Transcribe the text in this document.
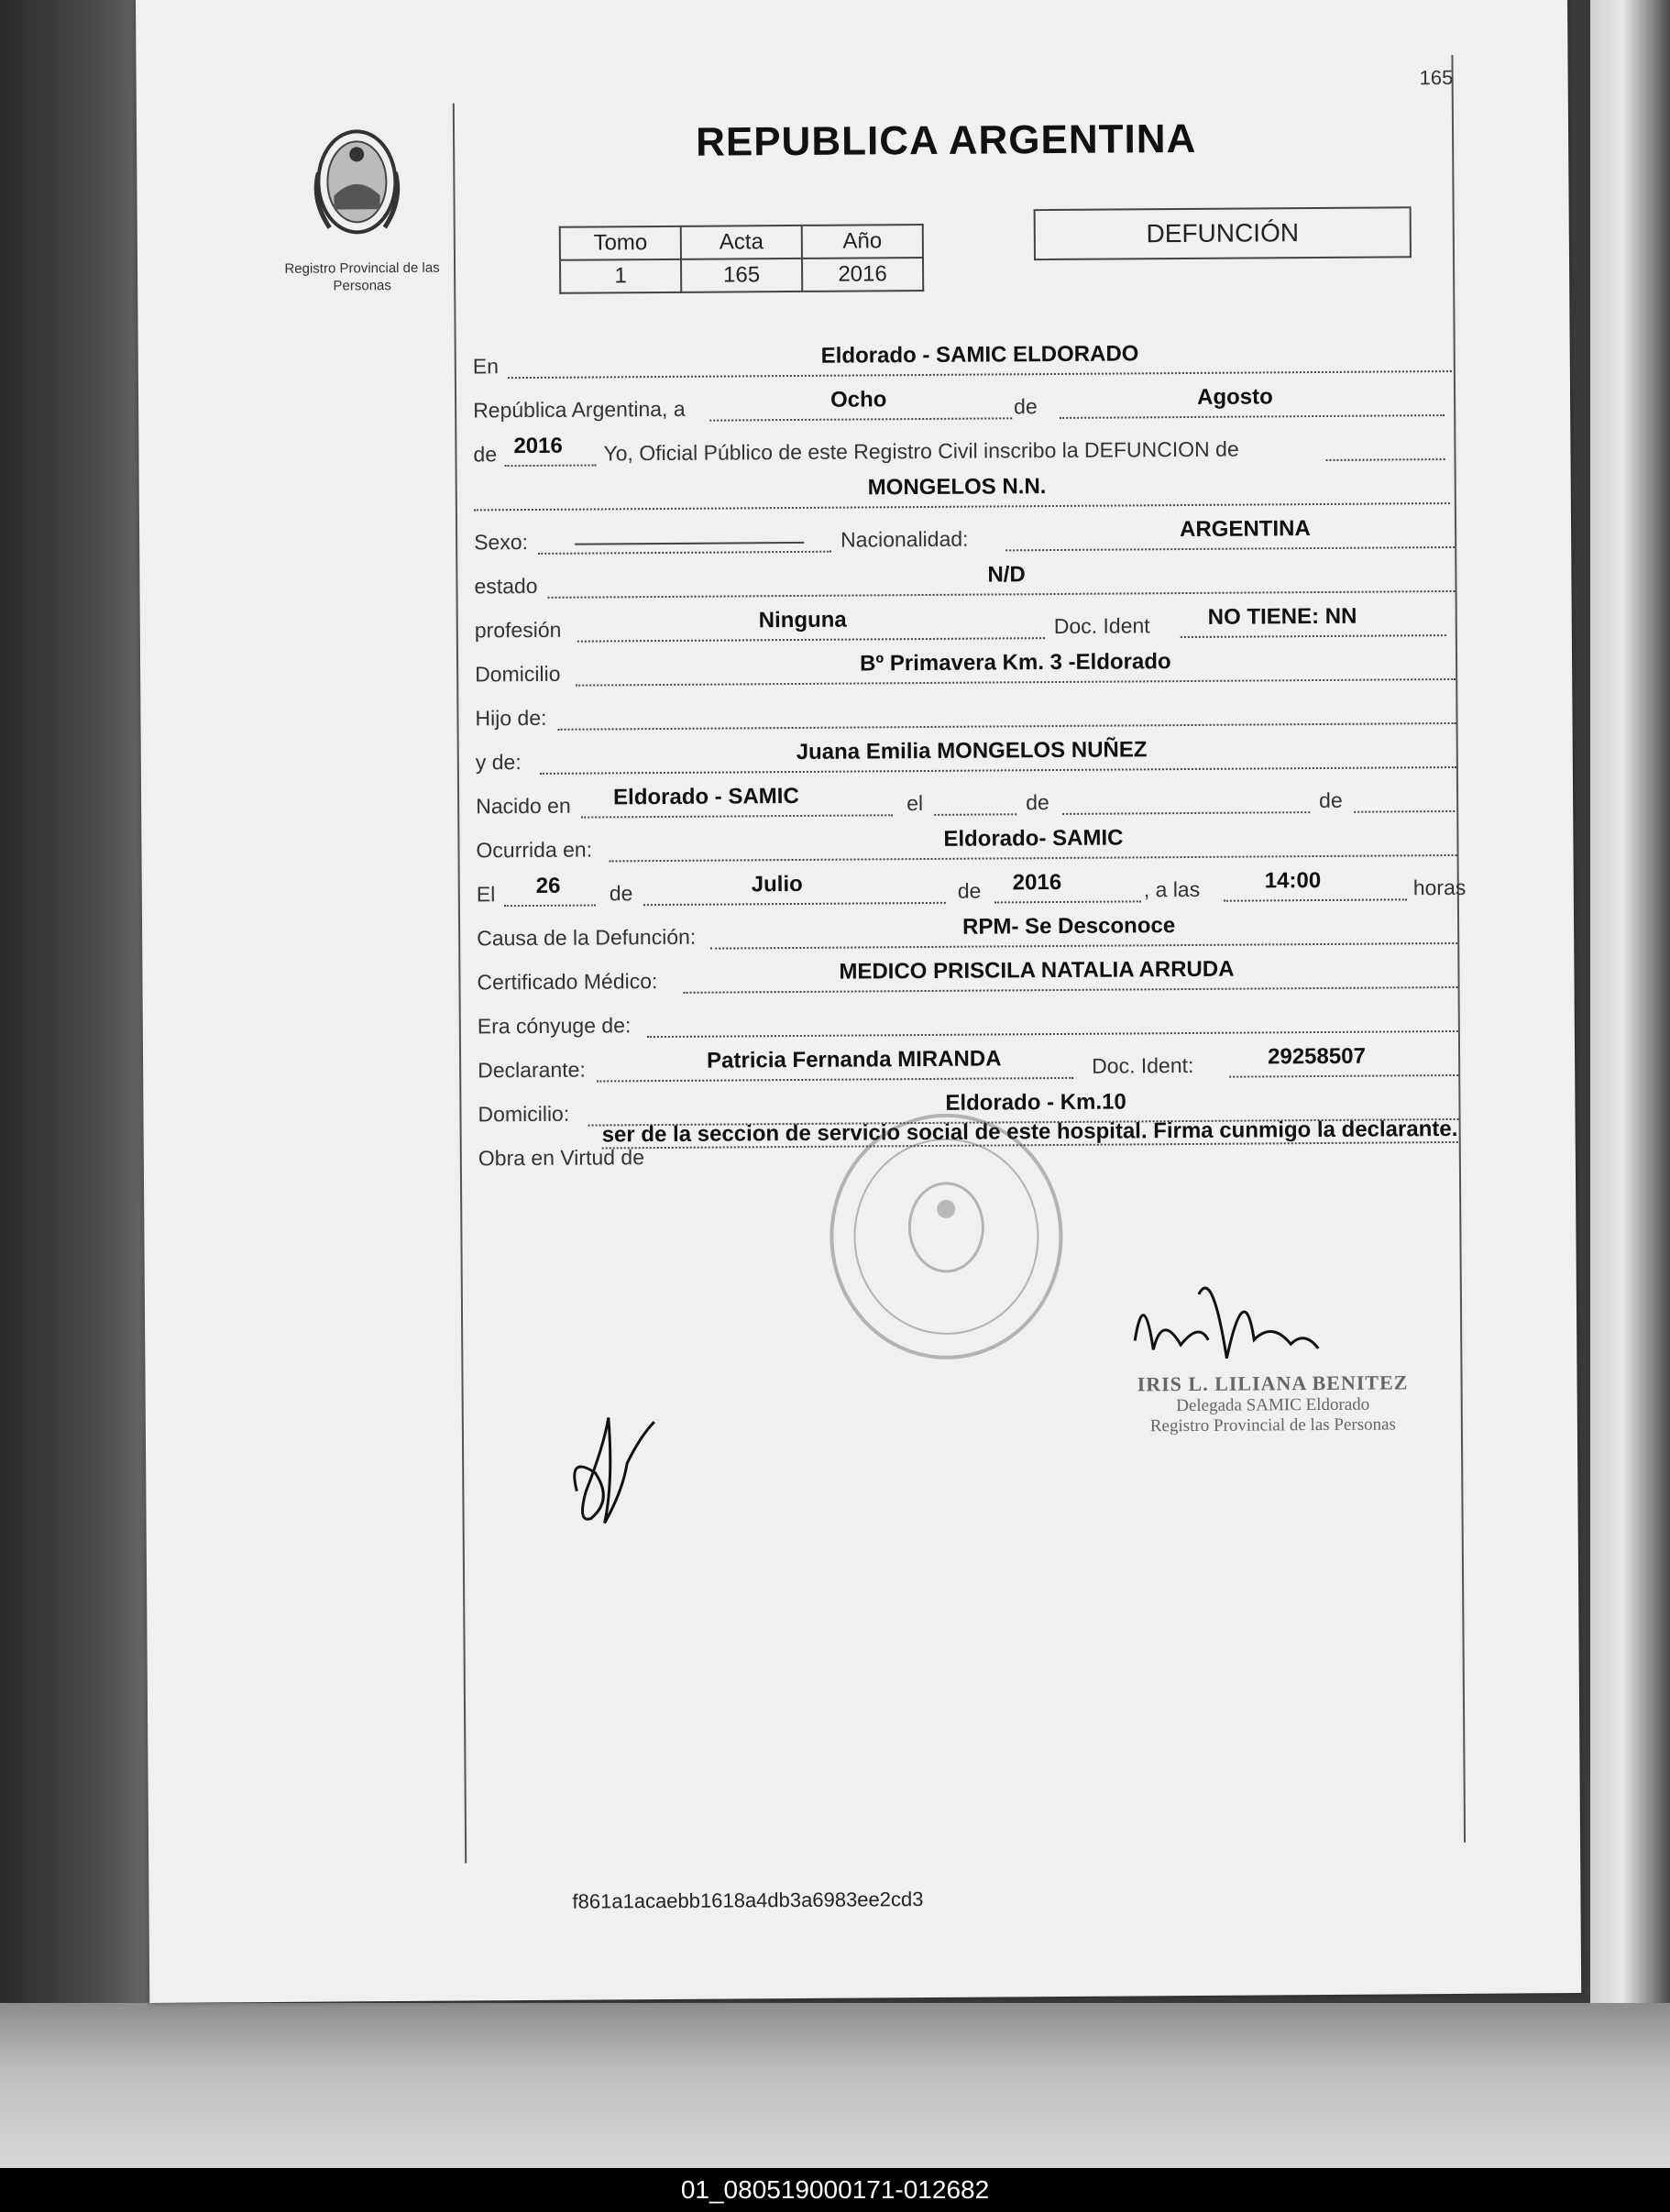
165
Registro Provincial de las Personas
REPUBLICA ARGENTINA
Tomo	Acta	Año
1	165	2016
DEFUNCIÓN
En	Eldorado - SAMIC ELDORADO
República Argentina, a	Ocho	de	Agosto
de 2016 Yo, Oficial Público de este Registro Civil inscribo la DEFUNCION de
MONGELOS N.N.
Sexo:	Nacionalidad:	ARGENTINA
estado	N/D
profesión	Ninguna	Doc. Ident	NO TIENE: NN
Domicilio	Bº Primavera Km. 3 -Eldorado
Hijo de:
y de:	Juana Emilia MONGELOS NUÑEZ
Nacido en Eldorado - SAMIC	el	de	de
Ocurrida en:	Eldorado- SAMIC
El 26 de	Julio	de 2016	, a las	14:00	horas
Causa de la Defunción:	RPM- Se Desconoce
Certificado Médico:	MEDICO PRISCILA NATALIA ARRUDA
Era cónyuge de:
Declarante:	Patricia Fernanda MIRANDA	Doc. Ident:	29258507
Domicilio:	Eldorado - Km.10
Obra en Virtud de
ser de la seccion de servicio social de este hospital. Firma cunmigo la declarante.
IRIS L. LILIANA BENITEZ
Delegada SAMIC Eldorado
Registro Provincial de las Personas
f861a1acaebb1618a4db3a6983ee2cd3
01_080519000171-012682
